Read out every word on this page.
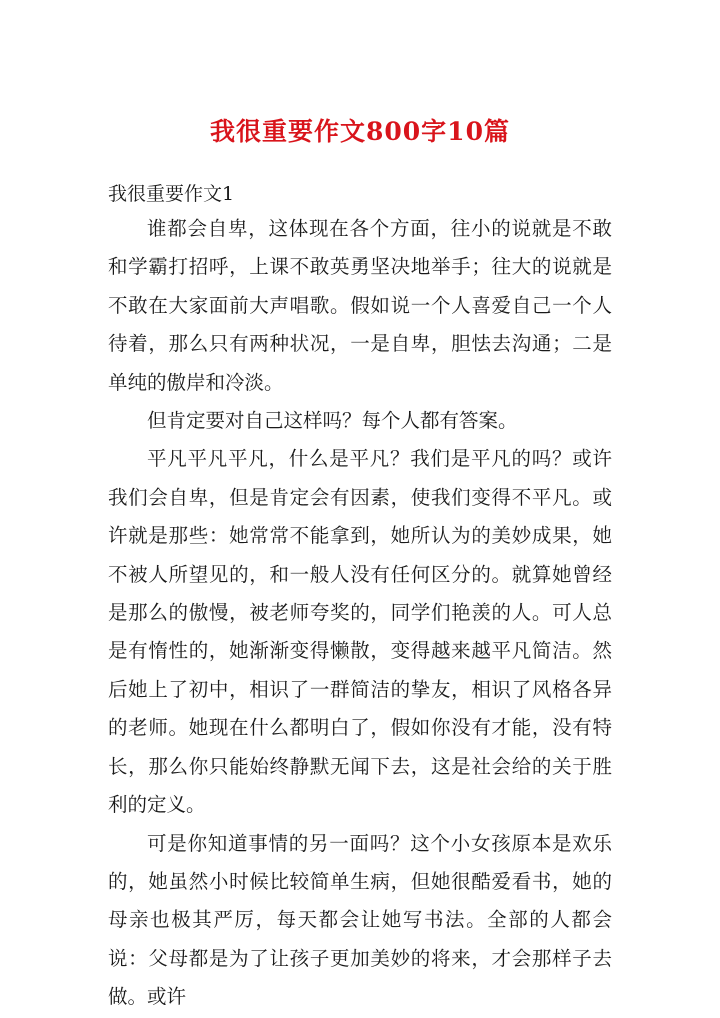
我很重要作文800字10篇
我很重要作文1

谁都会自卑，这体现在各个方面，往小的说就是不敢和学霸打招呼，上课不敢英勇坚决地举手；往大的说就是不敢在大家面前大声唱歌。假如说一个人喜爱自己一个人待着，那么只有两种状况，一是自卑，胆怯去沟通；二是单纯的傲岸和冷淡。

但肯定要对自己这样吗？每个人都有答案。

平凡平凡平凡，什么是平凡？我们是平凡的吗？或许我们会自卑，但是肯定会有因素，使我们变得不平凡。或许就是那些：她常常不能拿到，她所认为的美妙成果，她不被人所望见的，和一般人没有任何区分的。就算她曾经是那么的傲慢，被老师夸奖的，同学们艳羡的人。可人总是有惰性的，她渐渐变得懒散，变得越来越平凡简洁。然后她上了初中，相识了一群简洁的挚友，相识了风格各异的老师。她现在什么都明白了，假如你没有才能，没有特长，那么你只能始终静默无闻下去，这是社会给的关于胜利的定义。

可是你知道事情的另一面吗？这个小女孩原本是欢乐的，她虽然小时候比较简单生病，但她很酷爱看书，她的母亲也极其严厉，每天都会让她写书法。全部的人都会说：父母都是为了让孩子更加美妙的将来，才会那样子去做。或许
